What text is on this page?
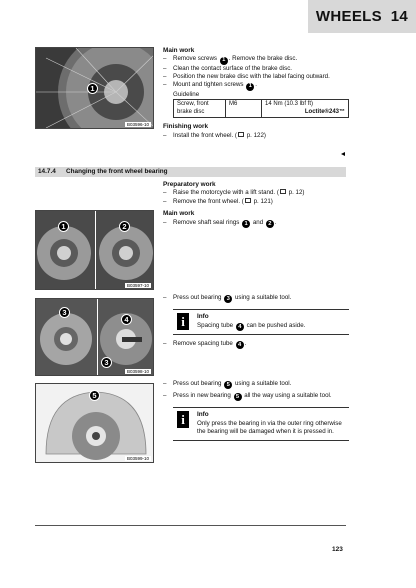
WHEELS
14
B03596-10
1
Main work
–	Remove screws 1 . Remove the brake disc.
–	Clean the contact surface of the brake disc.
–	Position the new brake disc with the label facing outward.
–	Mount and tighten screws 1 .
Guideline
Screw, front brake disc	M6	14 Nm (10.3 lbf ft)
Loctite®243™
Finishing work
–	Install the front wheel. ( p. 122)
14.7.4 Changing the front wheel bearing
Preparatory work
–	Raise the motorcycle with a lift stand. ( p. 12)
–	Remove the front wheel. ( p. 121)
Main work
–	Remove shaft seal rings 1 and 2 .
B03597-10
1	2
B03598-10
3
4
3
–	Press out bearing 3 using a suitable tool.
i	Info
Spacing tube 4 can be pushed aside.
–	Remove spacing tube 4 .
B03599-10
5
–	Press out bearing 5 using a suitable tool.
–	Press in new bearing 5 all the way using a suitable tool.
i	Info
Only press the bearing in via the outer ring otherwise the bearing will be damaged when it is pressed in.
123
